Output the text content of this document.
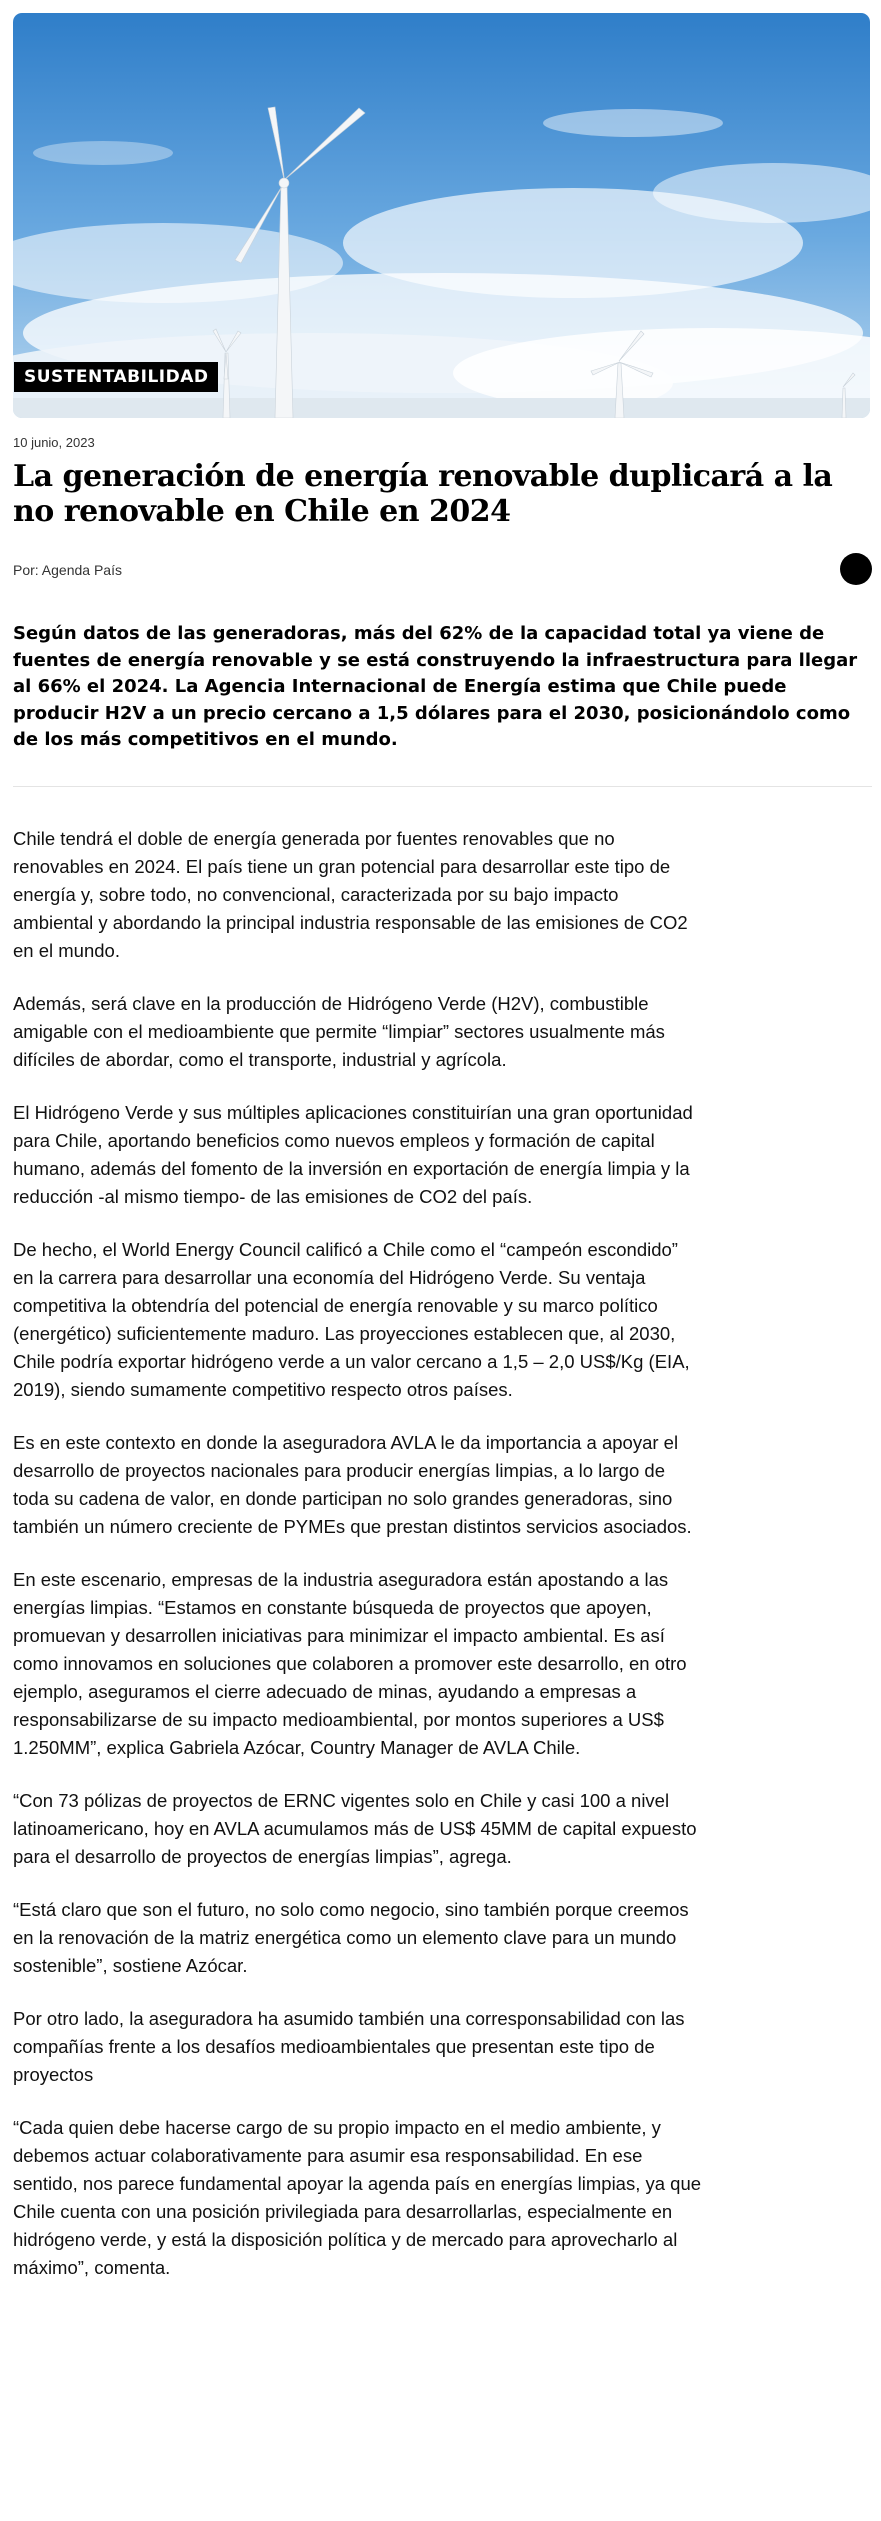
SUSTENTABILIDAD
10 junio, 2023
La generación de energía renovable duplicará a la no renovable en Chile en 2024
Por: Agenda País

Según datos de las generadoras, más del 62% de la capacidad total ya viene de fuentes de energía renovable y se está construyendo la infraestructura para llegar al 66% el 2024. La Agencia Internacional de Energía estima que Chile puede producir H2V a un precio cercano a 1,5 dólares para el 2030, posicionándolo como de los más competitivos en el mundo.

Chile tendrá el doble de energía generada por fuentes renovables que no renovables en 2024. El país tiene un gran potencial para desarrollar este tipo de energía y, sobre todo, no convencional, caracterizada por su bajo impacto ambiental y abordando la principal industria responsable de las emisiones de CO2 en el mundo.

Además, será clave en la producción de Hidrógeno Verde (H2V), combustible amigable con el medioambiente que permite “limpiar” sectores usualmente más difíciles de abordar, como el transporte, industrial y agrícola.

El Hidrógeno Verde y sus múltiples aplicaciones constituirían una gran oportunidad para Chile, aportando beneficios como nuevos empleos y formación de capital humano, además del fomento de la inversión en exportación de energía limpia y la reducción -al mismo tiempo- de las emisiones de CO2 del país.

De hecho, el World Energy Council calificó a Chile como el “campeón escondido” en la carrera para desarrollar una economía del Hidrógeno Verde. Su ventaja competitiva la obtendría del potencial de energía renovable y su marco político (energético) suficientemente maduro. Las proyecciones establecen que, al 2030, Chile podría exportar hidrógeno verde a un valor cercano a 1,5 – 2,0 US$/Kg (EIA, 2019), siendo sumamente competitivo respecto otros países.

Es en este contexto en donde la aseguradora AVLA le da importancia a apoyar el desarrollo de proyectos nacionales para producir energías limpias, a lo largo de toda su cadena de valor, en donde participan no solo grandes generadoras, sino también un número creciente de PYMEs que prestan distintos servicios asociados.

En este escenario, empresas de la industria aseguradora están apostando a las energías limpias. “Estamos en constante búsqueda de proyectos que apoyen, promuevan y desarrollen iniciativas para minimizar el impacto ambiental. Es así como innovamos en soluciones que colaboren a promover este desarrollo, en otro ejemplo, aseguramos el cierre adecuado de minas, ayudando a empresas a responsabilizarse de su impacto medioambiental, por montos superiores a US$ 1.250MM”, explica Gabriela Azócar, Country Manager de AVLA Chile.

“Con 73 pólizas de proyectos de ERNC vigentes solo en Chile y casi 100 a nivel latinoamericano, hoy en AVLA acumulamos más de US$ 45MM de capital expuesto para el desarrollo de proyectos de energías limpias”, agrega.

“Está claro que son el futuro, no solo como negocio, sino también porque creemos en la renovación de la matriz energética como un elemento clave para un mundo sostenible”, sostiene Azócar.

Por otro lado, la aseguradora ha asumido también una corresponsabilidad con las compañías frente a los desafíos medioambientales que presentan este tipo de proyectos

“Cada quien debe hacerse cargo de su propio impacto en el medio ambiente, y debemos actuar colaborativamente para asumir esa responsabilidad. En ese sentido, nos parece fundamental apoyar la agenda país en energías limpias, ya que Chile cuenta con una posición privilegiada para desarrollarlas, especialmente en hidrógeno verde, y está la disposición política y de mercado para aprovecharlo al máximo”, comenta.
